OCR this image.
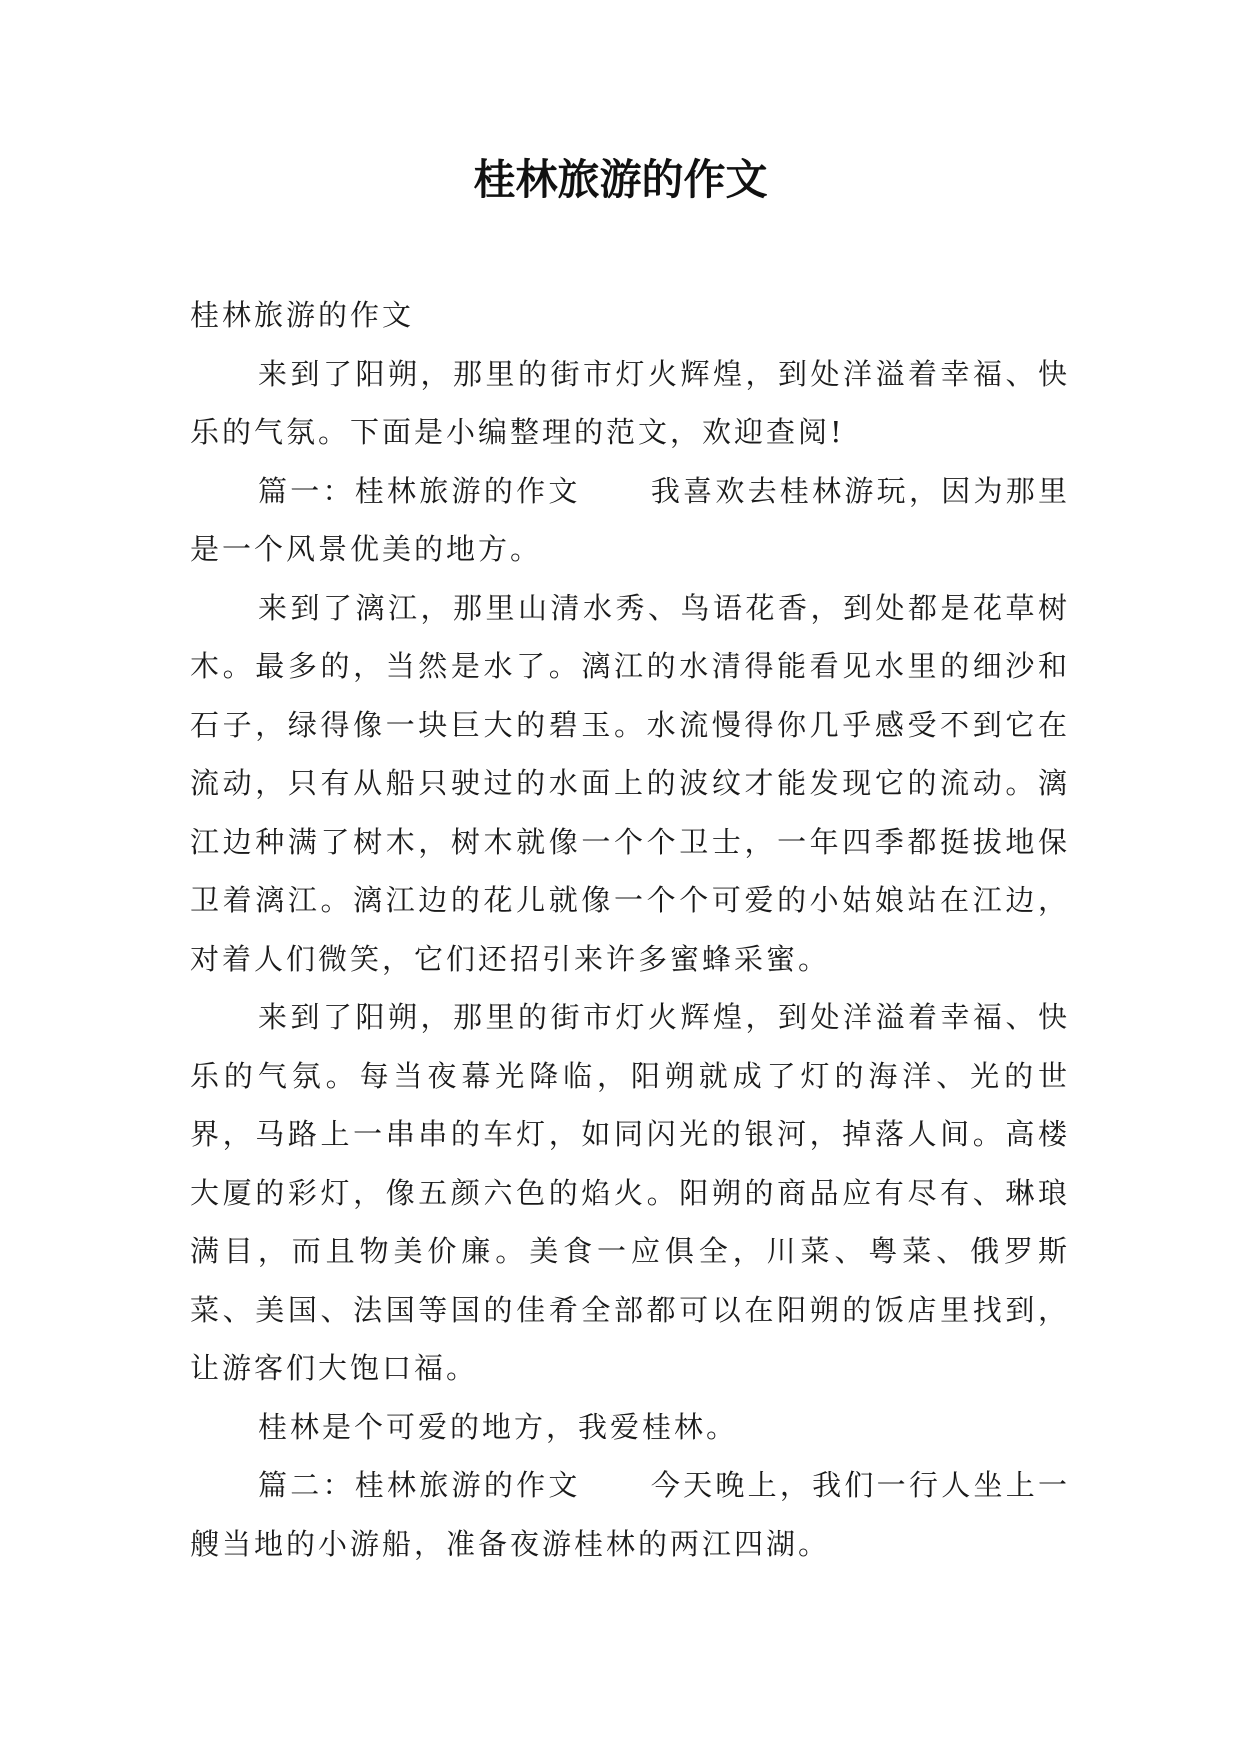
桂林旅游的作文

桂林旅游的作文

来到了阳朔，那里的街市灯火辉煌，到处洋溢着幸福、快乐的气氛。下面是小编整理的范文，欢迎查阅!

篇一：桂林旅游的作文 我喜欢去桂林游玩，因为那里是一个风景优美的地方。

来到了漓江，那里山清水秀、鸟语花香，到处都是花草树木。最多的，当然是水了。漓江的水清得能看见水里的细沙和石子，绿得像一块巨大的碧玉。水流慢得你几乎感受不到它在流动，只有从船只驶过的水面上的波纹才能发现它的流动。漓江边种满了树木，树木就像一个个卫士，一年四季都挺拔地保卫着漓江。漓江边的花儿就像一个个可爱的小姑娘站在江边，对着人们微笑，它们还招引来许多蜜蜂采蜜。

来到了阳朔，那里的街市灯火辉煌，到处洋溢着幸福、快乐的气氛。每当夜幕光降临，阳朔就成了灯的海洋、光的世界，马路上一串串的车灯，如同闪光的银河，掉落人间。高楼大厦的彩灯，像五颜六色的焰火。阳朔的商品应有尽有、琳琅满目，而且物美价廉。美食一应俱全，川菜、粤菜、俄罗斯菜、美国、法国等国的佳肴全部都可以在阳朔的饭店里找到，让游客们大饱口福。

桂林是个可爱的地方，我爱桂林。

篇二：桂林旅游的作文 今天晚上，我们一行人坐上一艘当地的小游船，准备夜游桂林的两江四湖。
